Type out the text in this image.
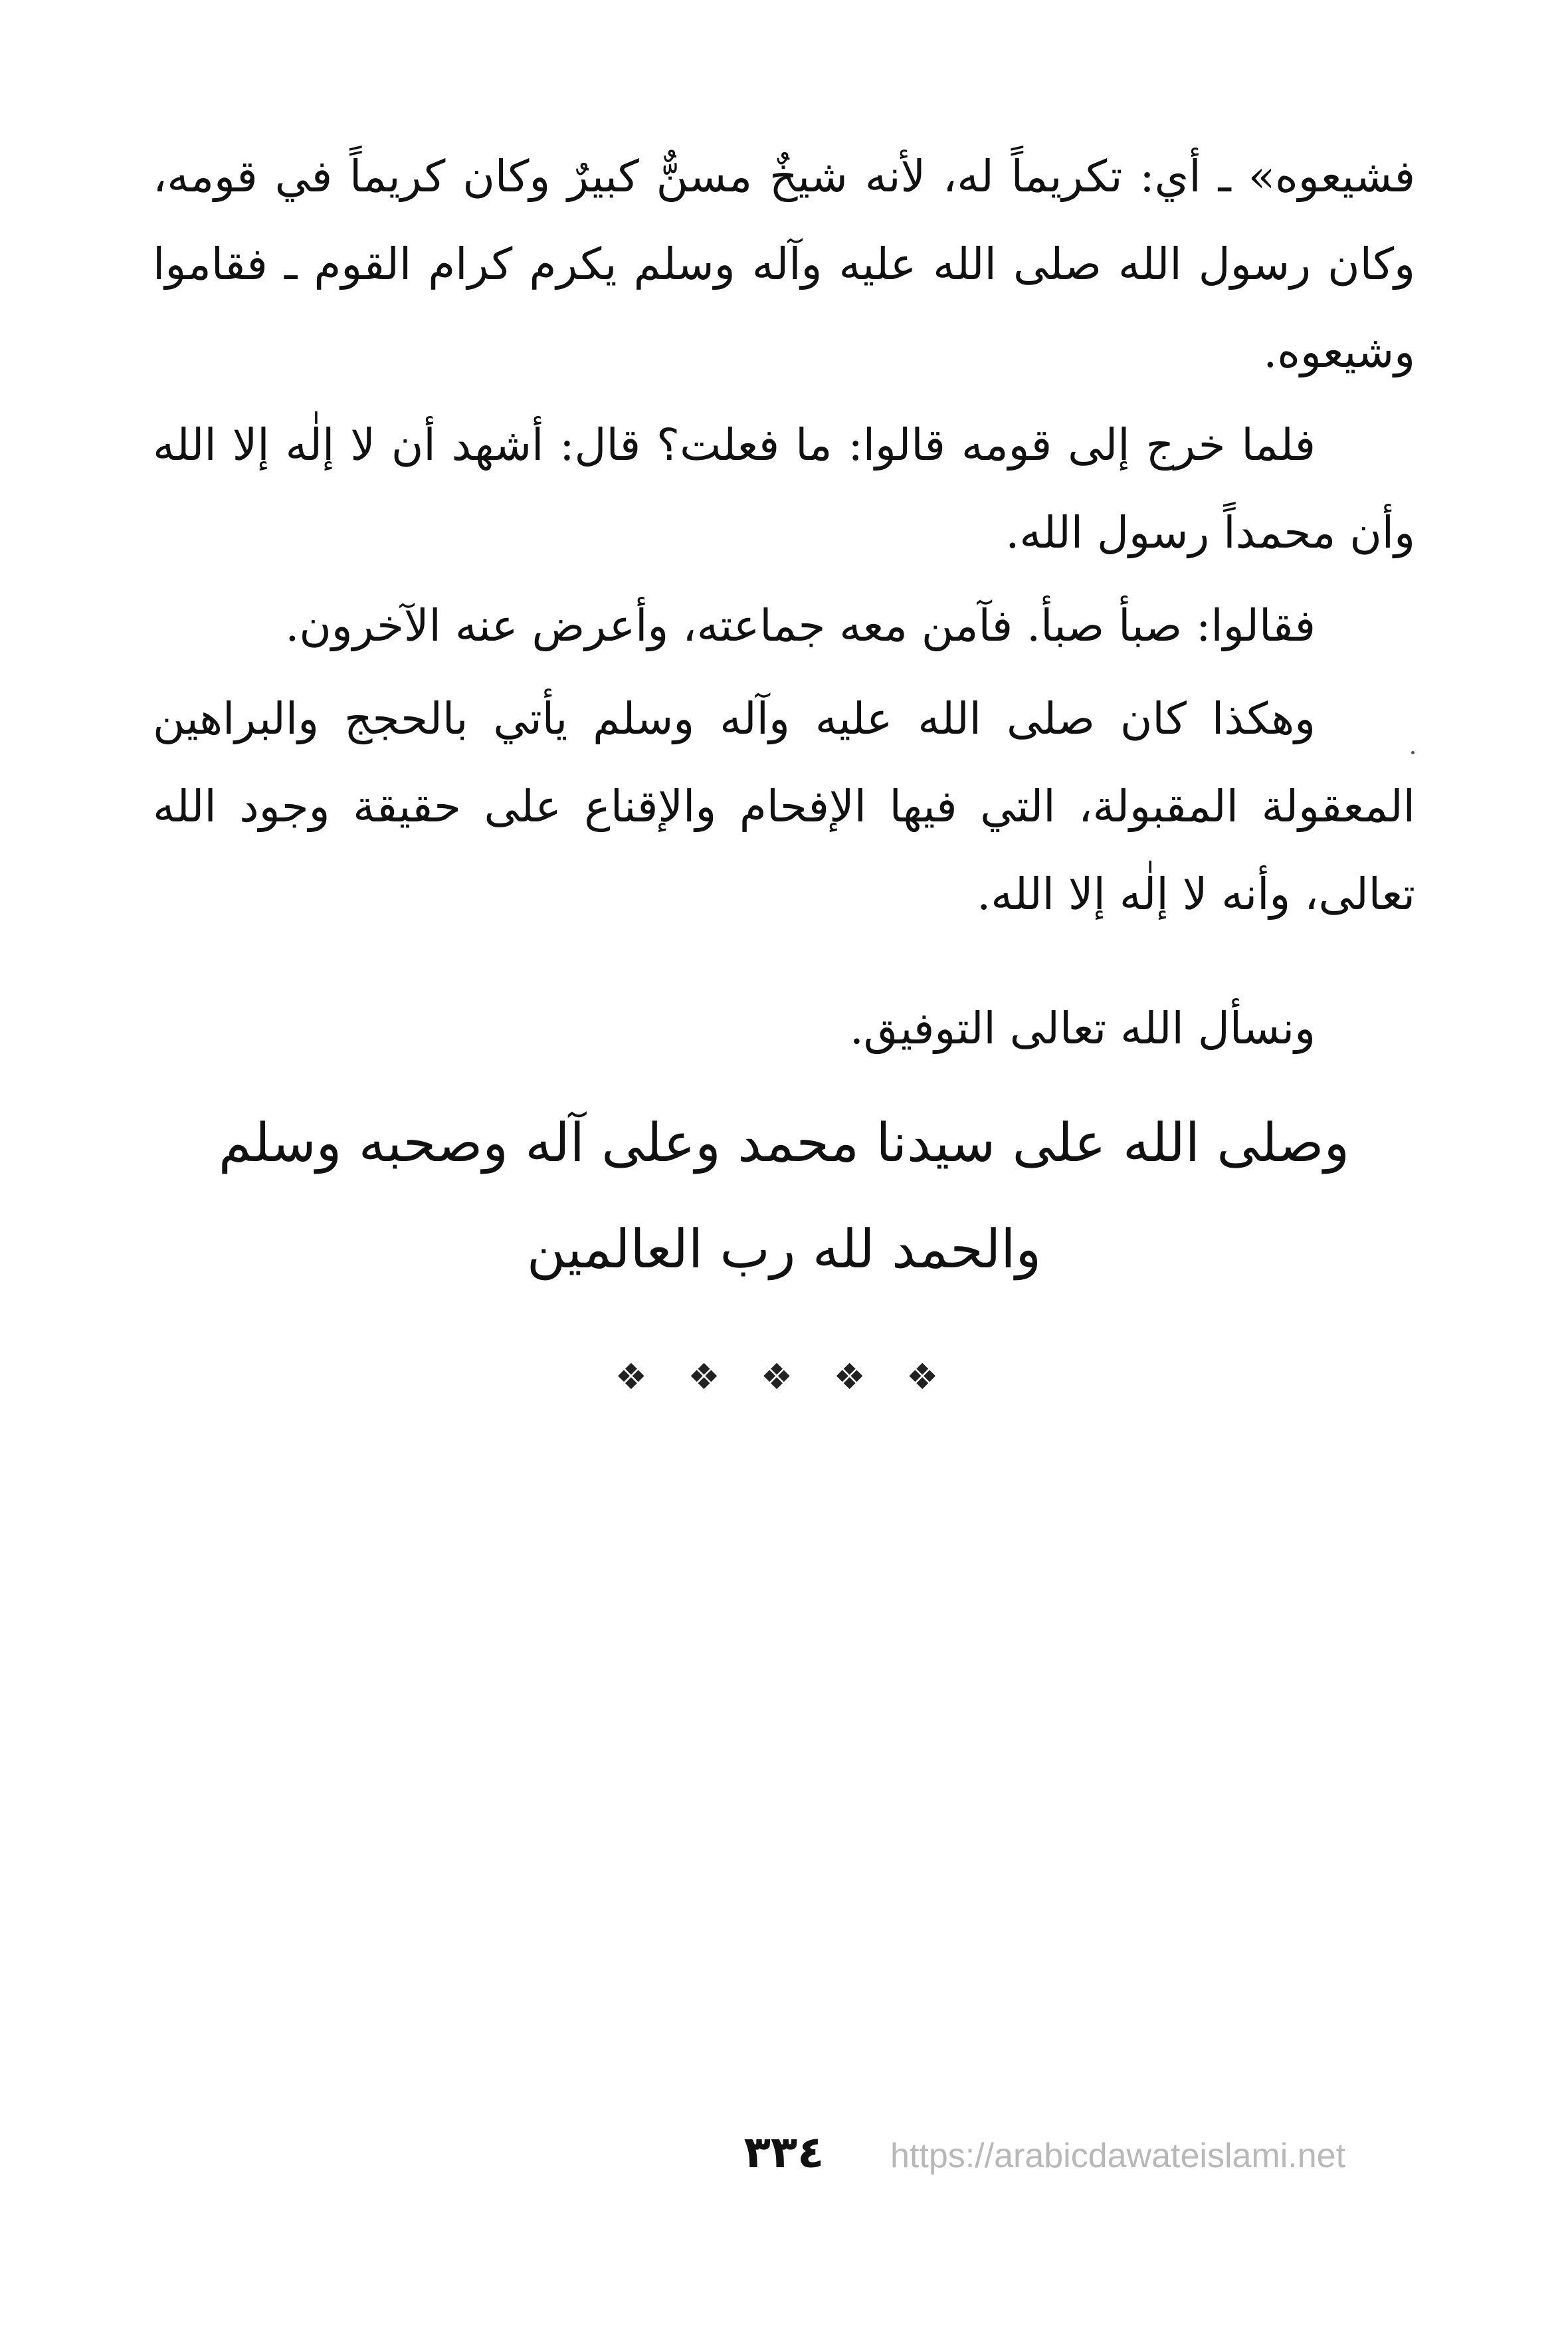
فشيعوه» ـ أي: تكريماً له، لأنه شيخٌ مسنٌّ كبيرٌ وكان كريماً في قومه، وكان رسول الله صلى الله عليه وآله وسلم يكرم كرام القوم ـ فقاموا وشيعوه.

فلما خرج إلى قومه قالوا: ما فعلت؟ قال: أشهد أن لا إلٰه إلا الله وأن محمداً رسول الله.

فقالوا: صبأ صبأ. فآمن معه جماعته، وأعرض عنه الآخرون.

وهكذا كان صلى الله عليه وآله وسلم يأتي بالحجج والبراهين المعقولة المقبولة، التي فيها الإفحام والإقناع على حقيقة وجود الله تعالى، وأنه لا إلٰه إلا الله.

ونسأل الله تعالى التوفيق.

وصلى الله على سيدنا محمد وعلى آله وصحبه وسلم
والحمد لله رب العالمين
❖ ❖ ❖ ❖ ❖
٣٣٤	https://arabicdawateislami.net
